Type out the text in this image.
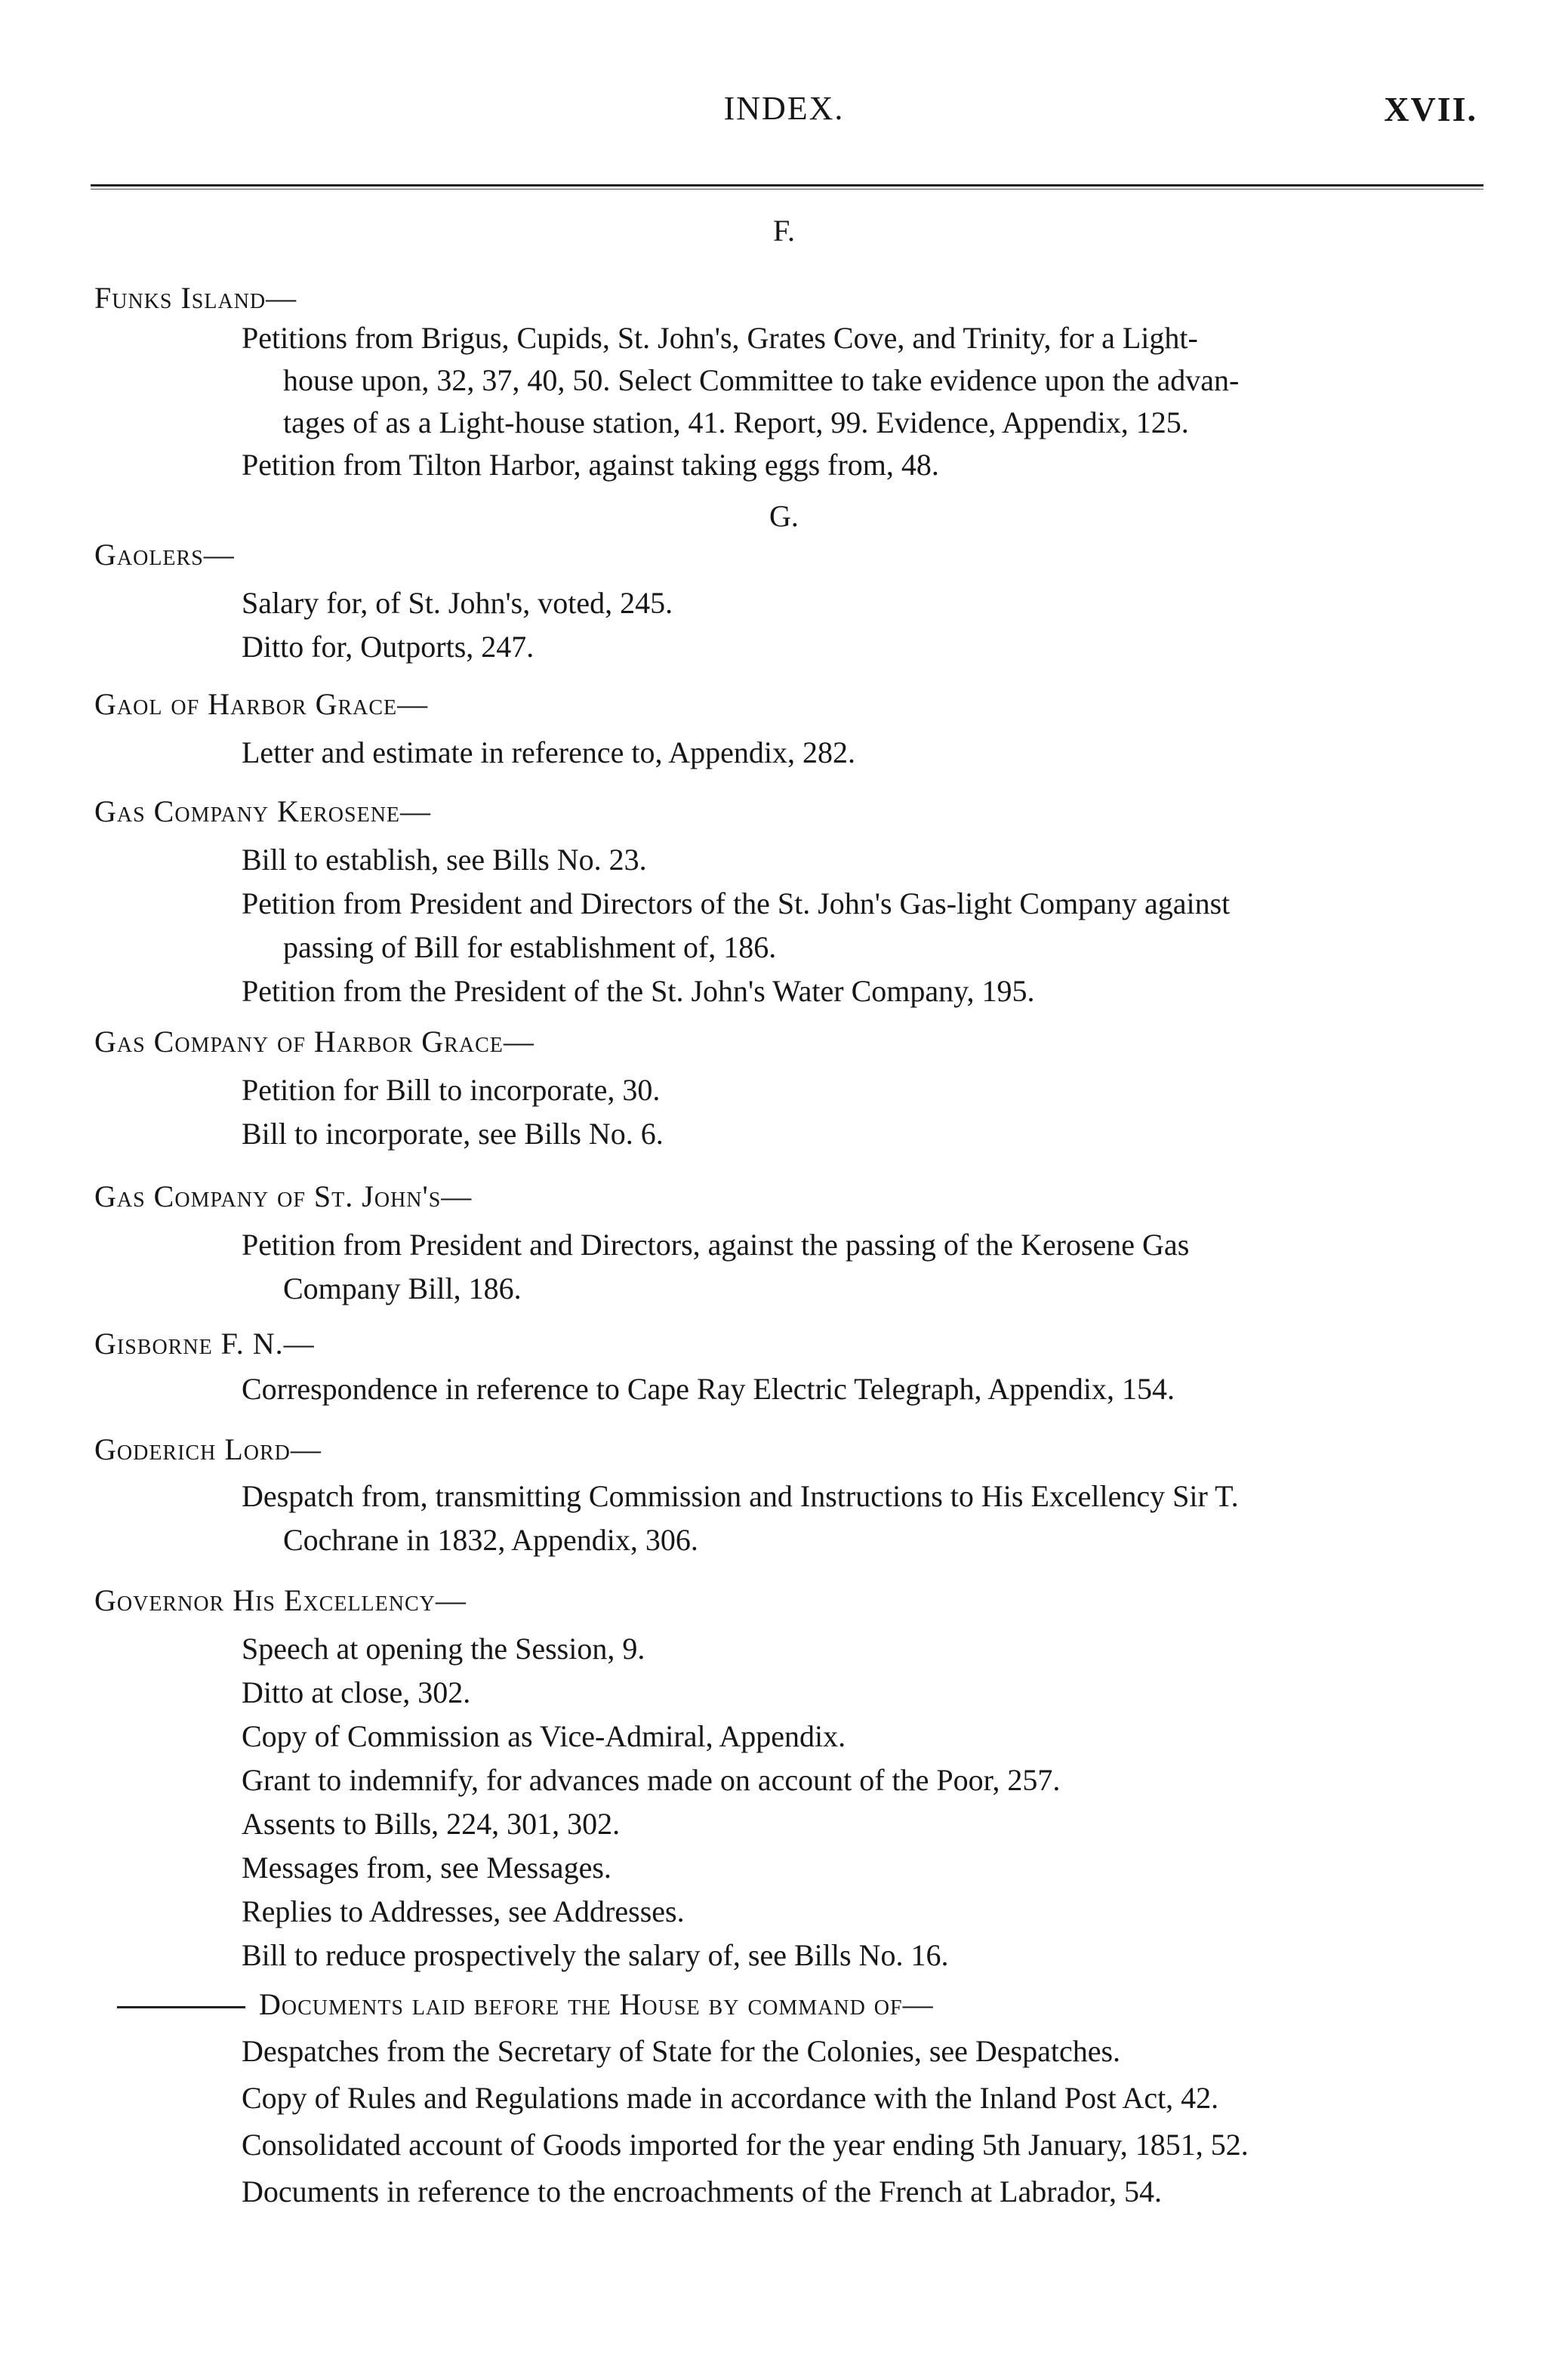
INDEX.	XVII.
F.
Funks Island—
Petitions from Brigus, Cupids, St. John's, Grates Cove, and Trinity, for a Light-
house upon, 32, 37, 40, 50. Select Committee to take evidence upon the advan-
tages of as a Light-house station, 41. Report, 99. Evidence, Appendix, 125.
Petition from Tilton Harbor, against taking eggs from, 48.
G.
Gaolers—
Salary for, of St. John's, voted, 245.
Ditto for, Outports, 247.
Gaol of Harbor Grace—
Letter and estimate in reference to, Appendix, 282.
Gas Company Kerosene—
Bill to establish, see Bills No. 23.
Petition from President and Directors of the St. John's Gas-light Company against
passing of Bill for establishment of, 186.
Petition from the President of the St. John's Water Company, 195.
Gas Company of Harbor Grace—
Petition for Bill to incorporate, 30.
Bill to incorporate, see Bills No. 6.
Gas Company of St. John's—
Petition from President and Directors, against the passing of the Kerosene Gas
Company Bill, 186.
Gisborne F. N.—
Correspondence in reference to Cape Ray Electric Telegraph, Appendix, 154.
Goderich Lord—
Despatch from, transmitting Commission and Instructions to His Excellency Sir T.
Cochrane in 1832, Appendix, 306.
Governor His Excellency—
Speech at opening the Session, 9.
Ditto at close, 302.
Copy of Commission as Vice-Admiral, Appendix.
Grant to indemnify, for advances made on account of the Poor, 257.
Assents to Bills, 224, 301, 302.
Messages from, see Messages.
Replies to Addresses, see Addresses.
Bill to reduce prospectively the salary of, see Bills No. 16.
Documents laid before the House by command of—
Despatches from the Secretary of State for the Colonies, see Despatches.
Copy of Rules and Regulations made in accordance with the Inland Post Act, 42.
Consolidated account of Goods imported for the year ending 5th January, 1851, 52.
Documents in reference to the encroachments of the French at Labrador, 54.
